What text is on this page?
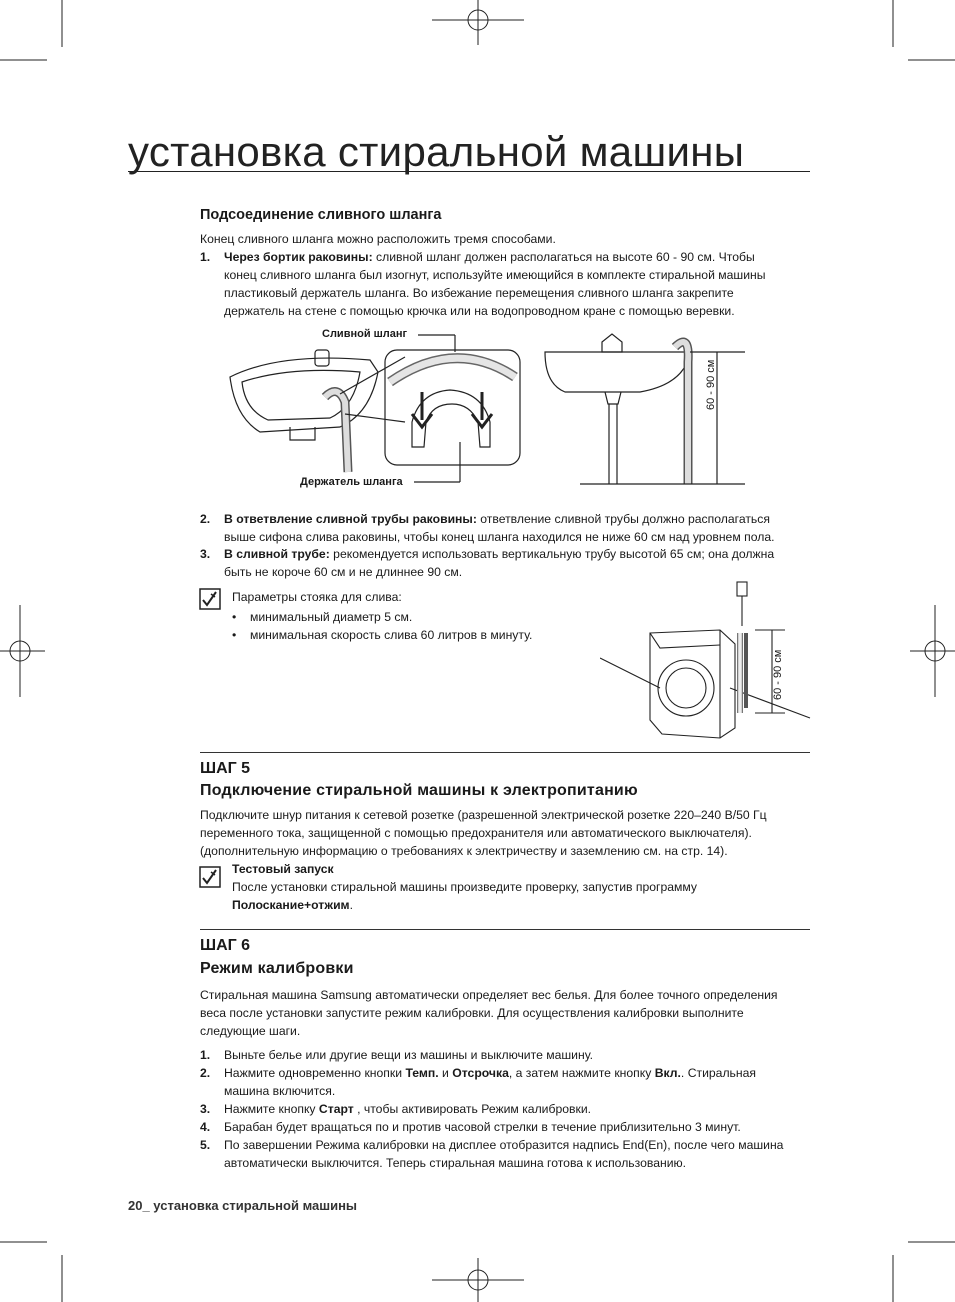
установка стиральной машины
Подсоединение сливного шланга
Конец сливного шланга можно расположить тремя способами.
1. Через бортик раковины: сливной шланг должен располагаться на высоте 60 - 90 см. Чтобы
конец сливного шланга был изогнут, используйте имеющийся в комплекте стиральной машины
пластиковый держатель шланга. Во избежание перемещения сливного шланга закрепите
держатель на стене с помощью крючка или на водопроводном кране с помощью веревки.
Сливной шланг
Держатель шланга
60 - 90 см
2. В ответвление сливной трубы раковины: ответвление сливной трубы должно располагаться
выше сифона слива раковины, чтобы конец шланга находился не ниже 60 см над уровнем пола.
3. В сливной трубе: рекомендуется использовать вертикальную трубу высотой 65 см; она должна
быть не короче 60 см и не длиннее 90 см.
Параметры стояка для слива:
• минимальный диаметр 5 см.
• минимальная скорость слива 60 литров в минуту.
60 - 90 см
ШАГ 5
Подключение стиральной машины к электропитанию
Подключите шнур питания к сетевой розетке (разрешенной электрической розетке 220–240 В/50 Гц
переменного тока, защищенной с помощью предохранителя или автоматического выключателя).
(дополнительную информацию о требованиях к электричеству и заземлению см. на стр. 14).
Тестовый запуск
После установки стиральной машины произведите проверку, запустив программу
Полоскание+отжим.
ШАГ 6
Режим калибровки
Стиральная машина Samsung автоматически определяет вес белья. Для более точного определения
веса после установки запустите режим калибровки. Для осуществления калибровки выполните
следующие шаги.
1. Выньте белье или другие вещи из машины и выключите машину.
2. Нажмите одновременно кнопки Темп. и Отсрочка, а затем нажмите кнопку Вкл.. Стиральная
машина включится.
3. Нажмите кнопку Старт , чтобы активировать Режим калибровки.
4. Барабан будет вращаться по и против часовой стрелки в течение приблизительно 3 минут.
5. По завершении Режима калибровки на дисплее отобразится надпись End(En), после чего машина
автоматически выключится. Теперь стиральная машина готова к использованию.
20_ установка стиральной машины
